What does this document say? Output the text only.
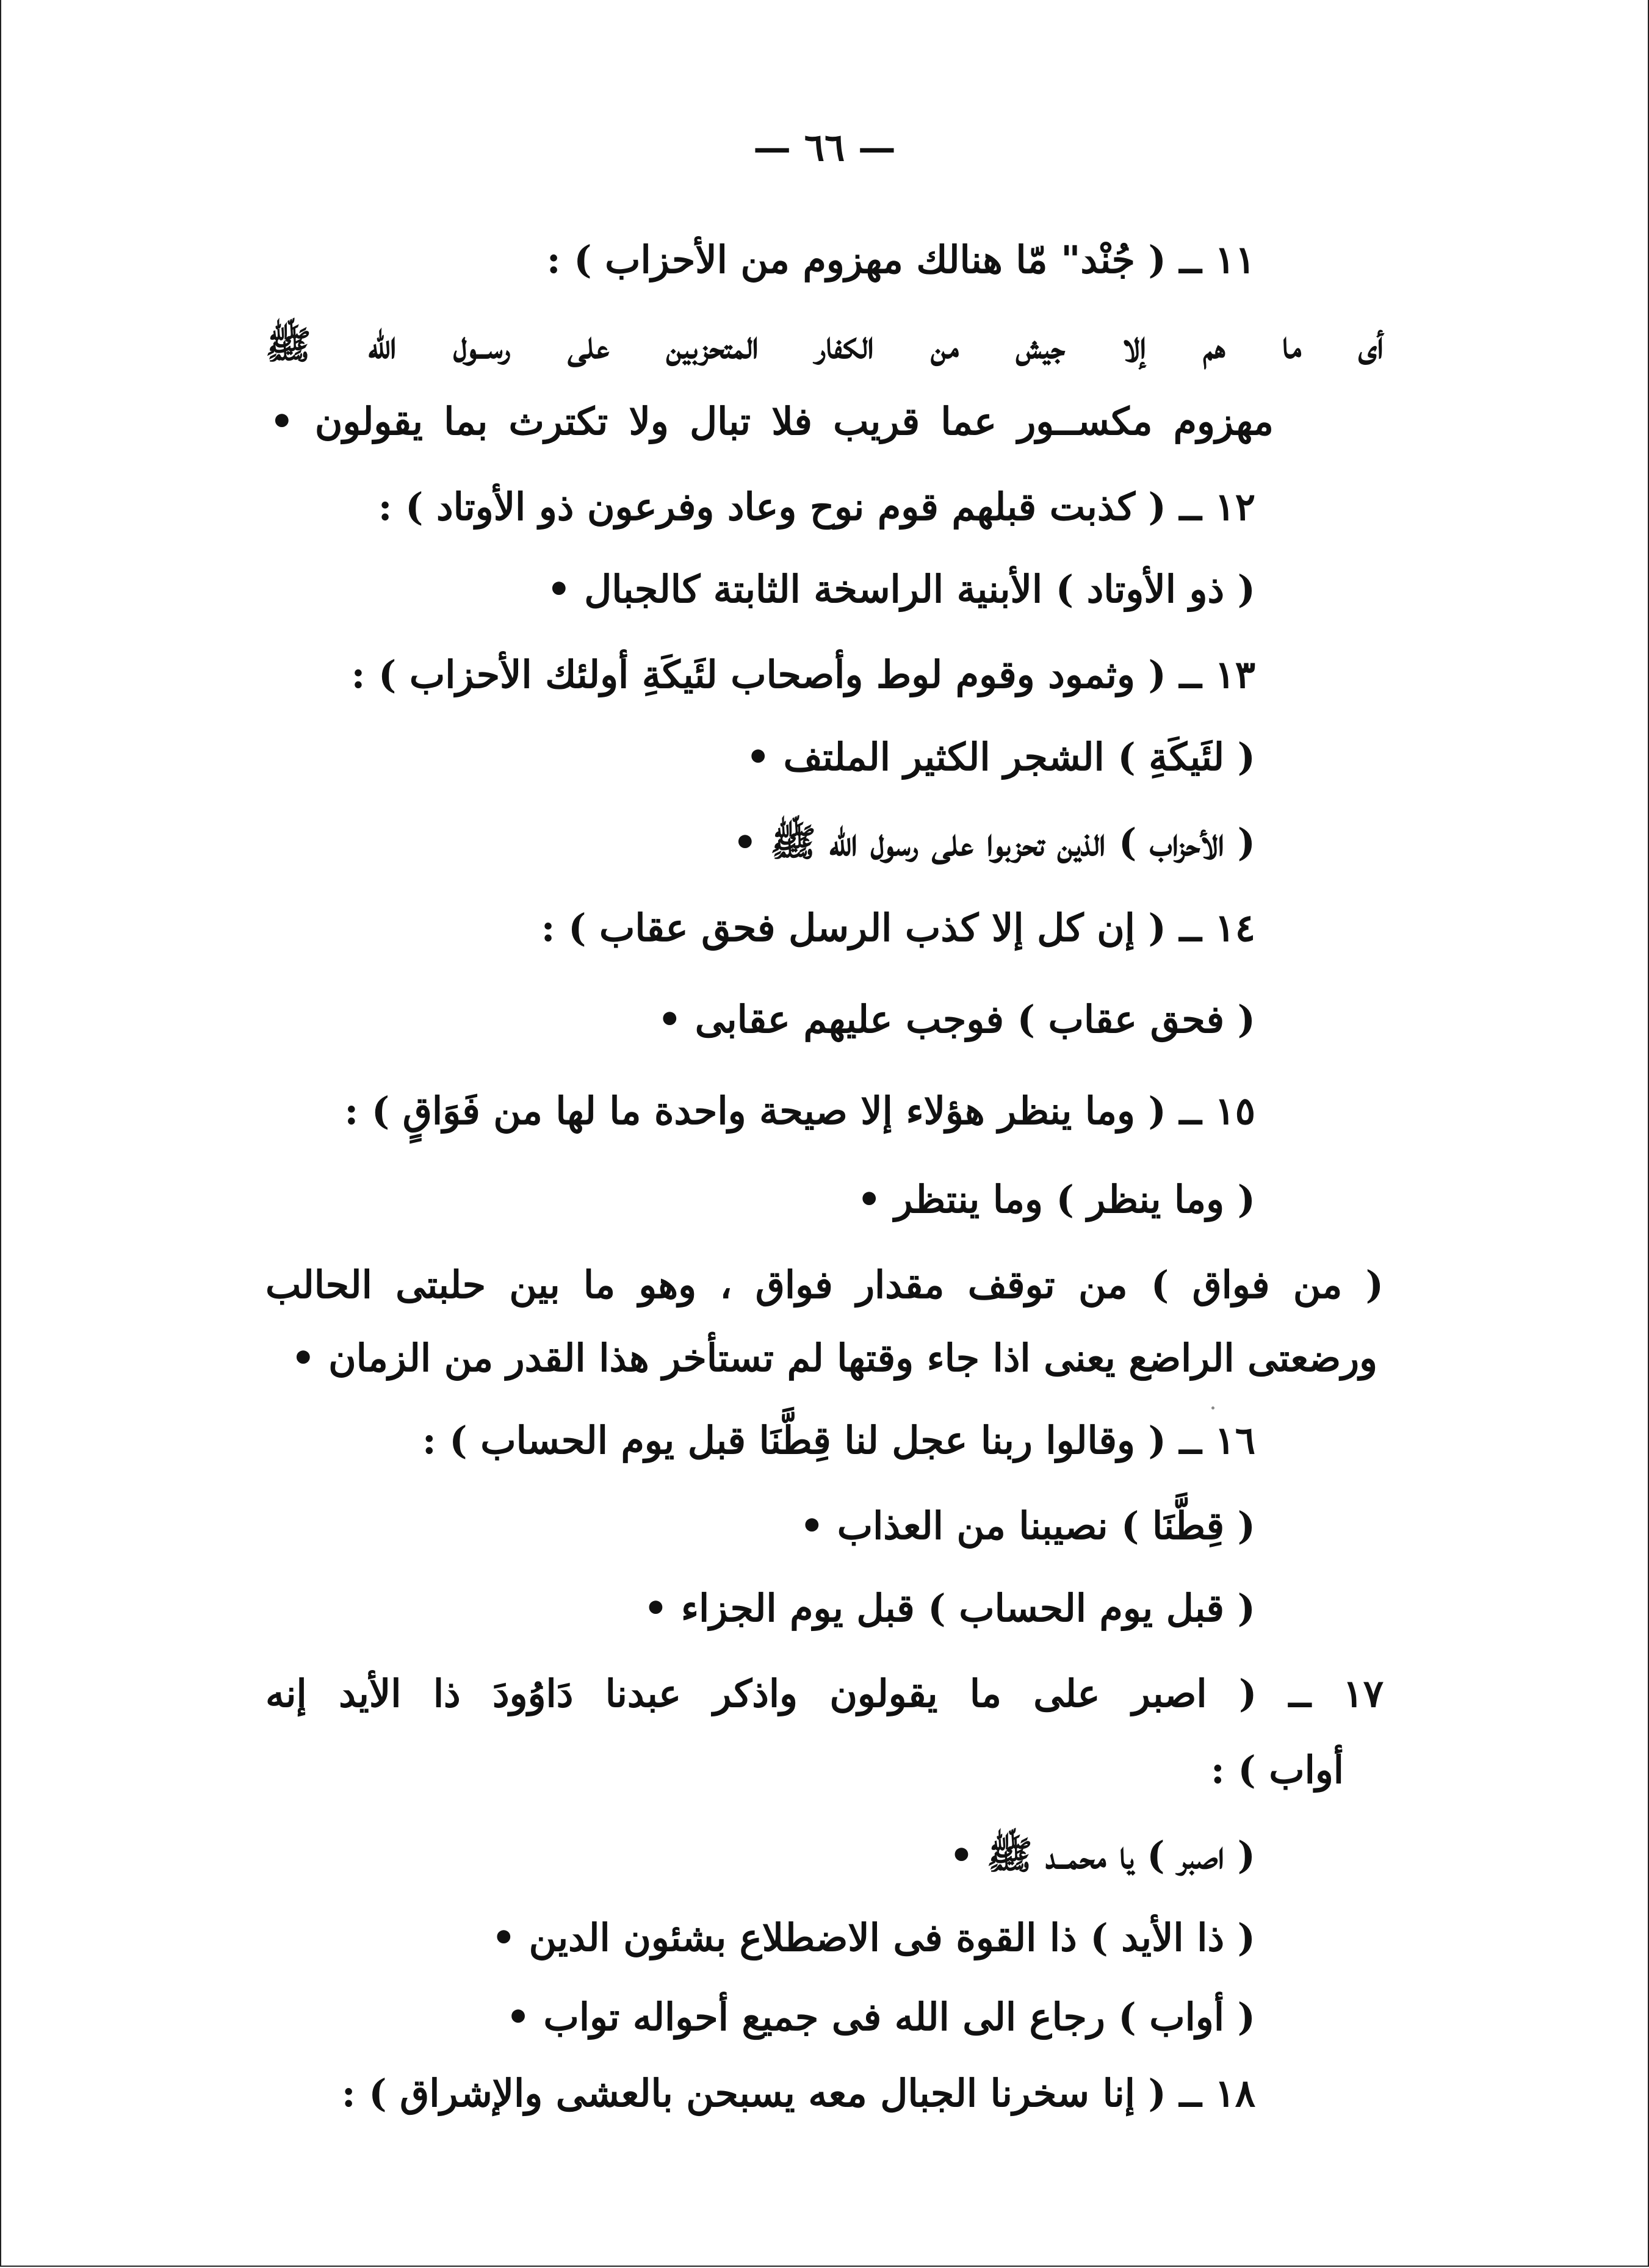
— ٦٦ —
١١ ــ ( جُنْد" مّا هنالك مهزوم من الأحزاب ) :
أى ما هم إلا جيش من الكفار المتحزبين على رســول الله ﷺ
مهزوم مكســور عما قريب فلا تبال ولا تكترث بما يقولون •
١٢ ــ ( كذبت قبلهم قوم نوح وعاد وفرعون ذو الأوتاد ) :
( ذو الأوتاد ) الأبنية الراسخة الثابتة كالجبال •
١٣ ــ ( وثمود وقوم لوط وأصحاب لئَيكَةِ أولئك الأحزاب ) :
( لئَيكَةِ ) الشجر الكثير الملتف •
( الأحزاب ) الذين تحزبوا على رسول الله ﷺ •
١٤ ــ ( إن كل إلا كذب الرسل فحق عقاب ) :
( فحق عقاب ) فوجب عليهم عقابى •
١٥ ــ ( وما ينظر هؤلاء إلا صيحة واحدة ما لها من فَوَاقٍ ) :
( وما ينظر ) وما ينتظر •
( من فواق ) من توقف مقدار فواق ، وهو ما بين حلبتى الحالب
ورضعتى الراضع يعنى اذا جاء وقتها لم تستأخر هذا القدر من الزمان •
١٦ ــ ( وقالوا ربنا عجل لنا قِطَّنَا قبل يوم الحساب ) :
( قِطَّنَا ) نصيبنا من العذاب •
( قبل يوم الحساب ) قبل يوم الجزاء •
١٧ ــ ( اصبر على ما يقولون واذكر عبدنا دَاوُودَ ذا الأيد إنه
أواب ) :
( اصبر ) يا محمــد ﷺ •
( ذا الأيد ) ذا القوة فى الاضطلاع بشئون الدين •
( أواب ) رجاع الى الله فى جميع أحواله تواب •
١٨ ــ ( إنا سخرنا الجبال معه يسبحن بالعشى والإشراق ) :
